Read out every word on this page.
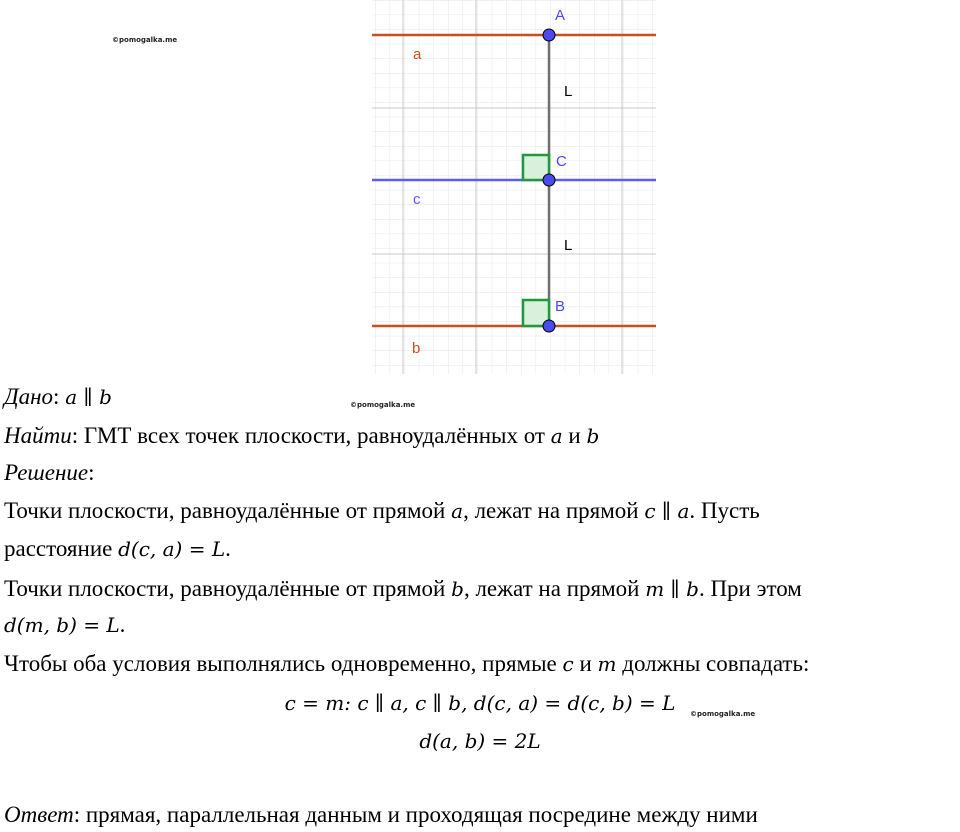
©pomogalka.me
©pomogalka.me
©pomogalka.me
A
C
B
a
c
b
L
L
Дано: a ∥ b
Найти: ГМТ всех точек плоскости, равноудалённых от a и b
Решение:
Точки плоскости, равноудалённые от прямой a, лежат на прямой c ∥ a. Пусть
расстояние d(c, a) = L.
Точки плоскости, равноудалённые от прямой b, лежат на прямой m ∥ b. При этом
d(m, b) = L.
Чтобы оба условия выполнялись одновременно, прямые c и m должны совпадать:
c = m: c ∥ a, c ∥ b, d(c, a) = d(c, b) = L
d(a, b) = 2L
Ответ: прямая, параллельная данным и проходящая посредине между ними
